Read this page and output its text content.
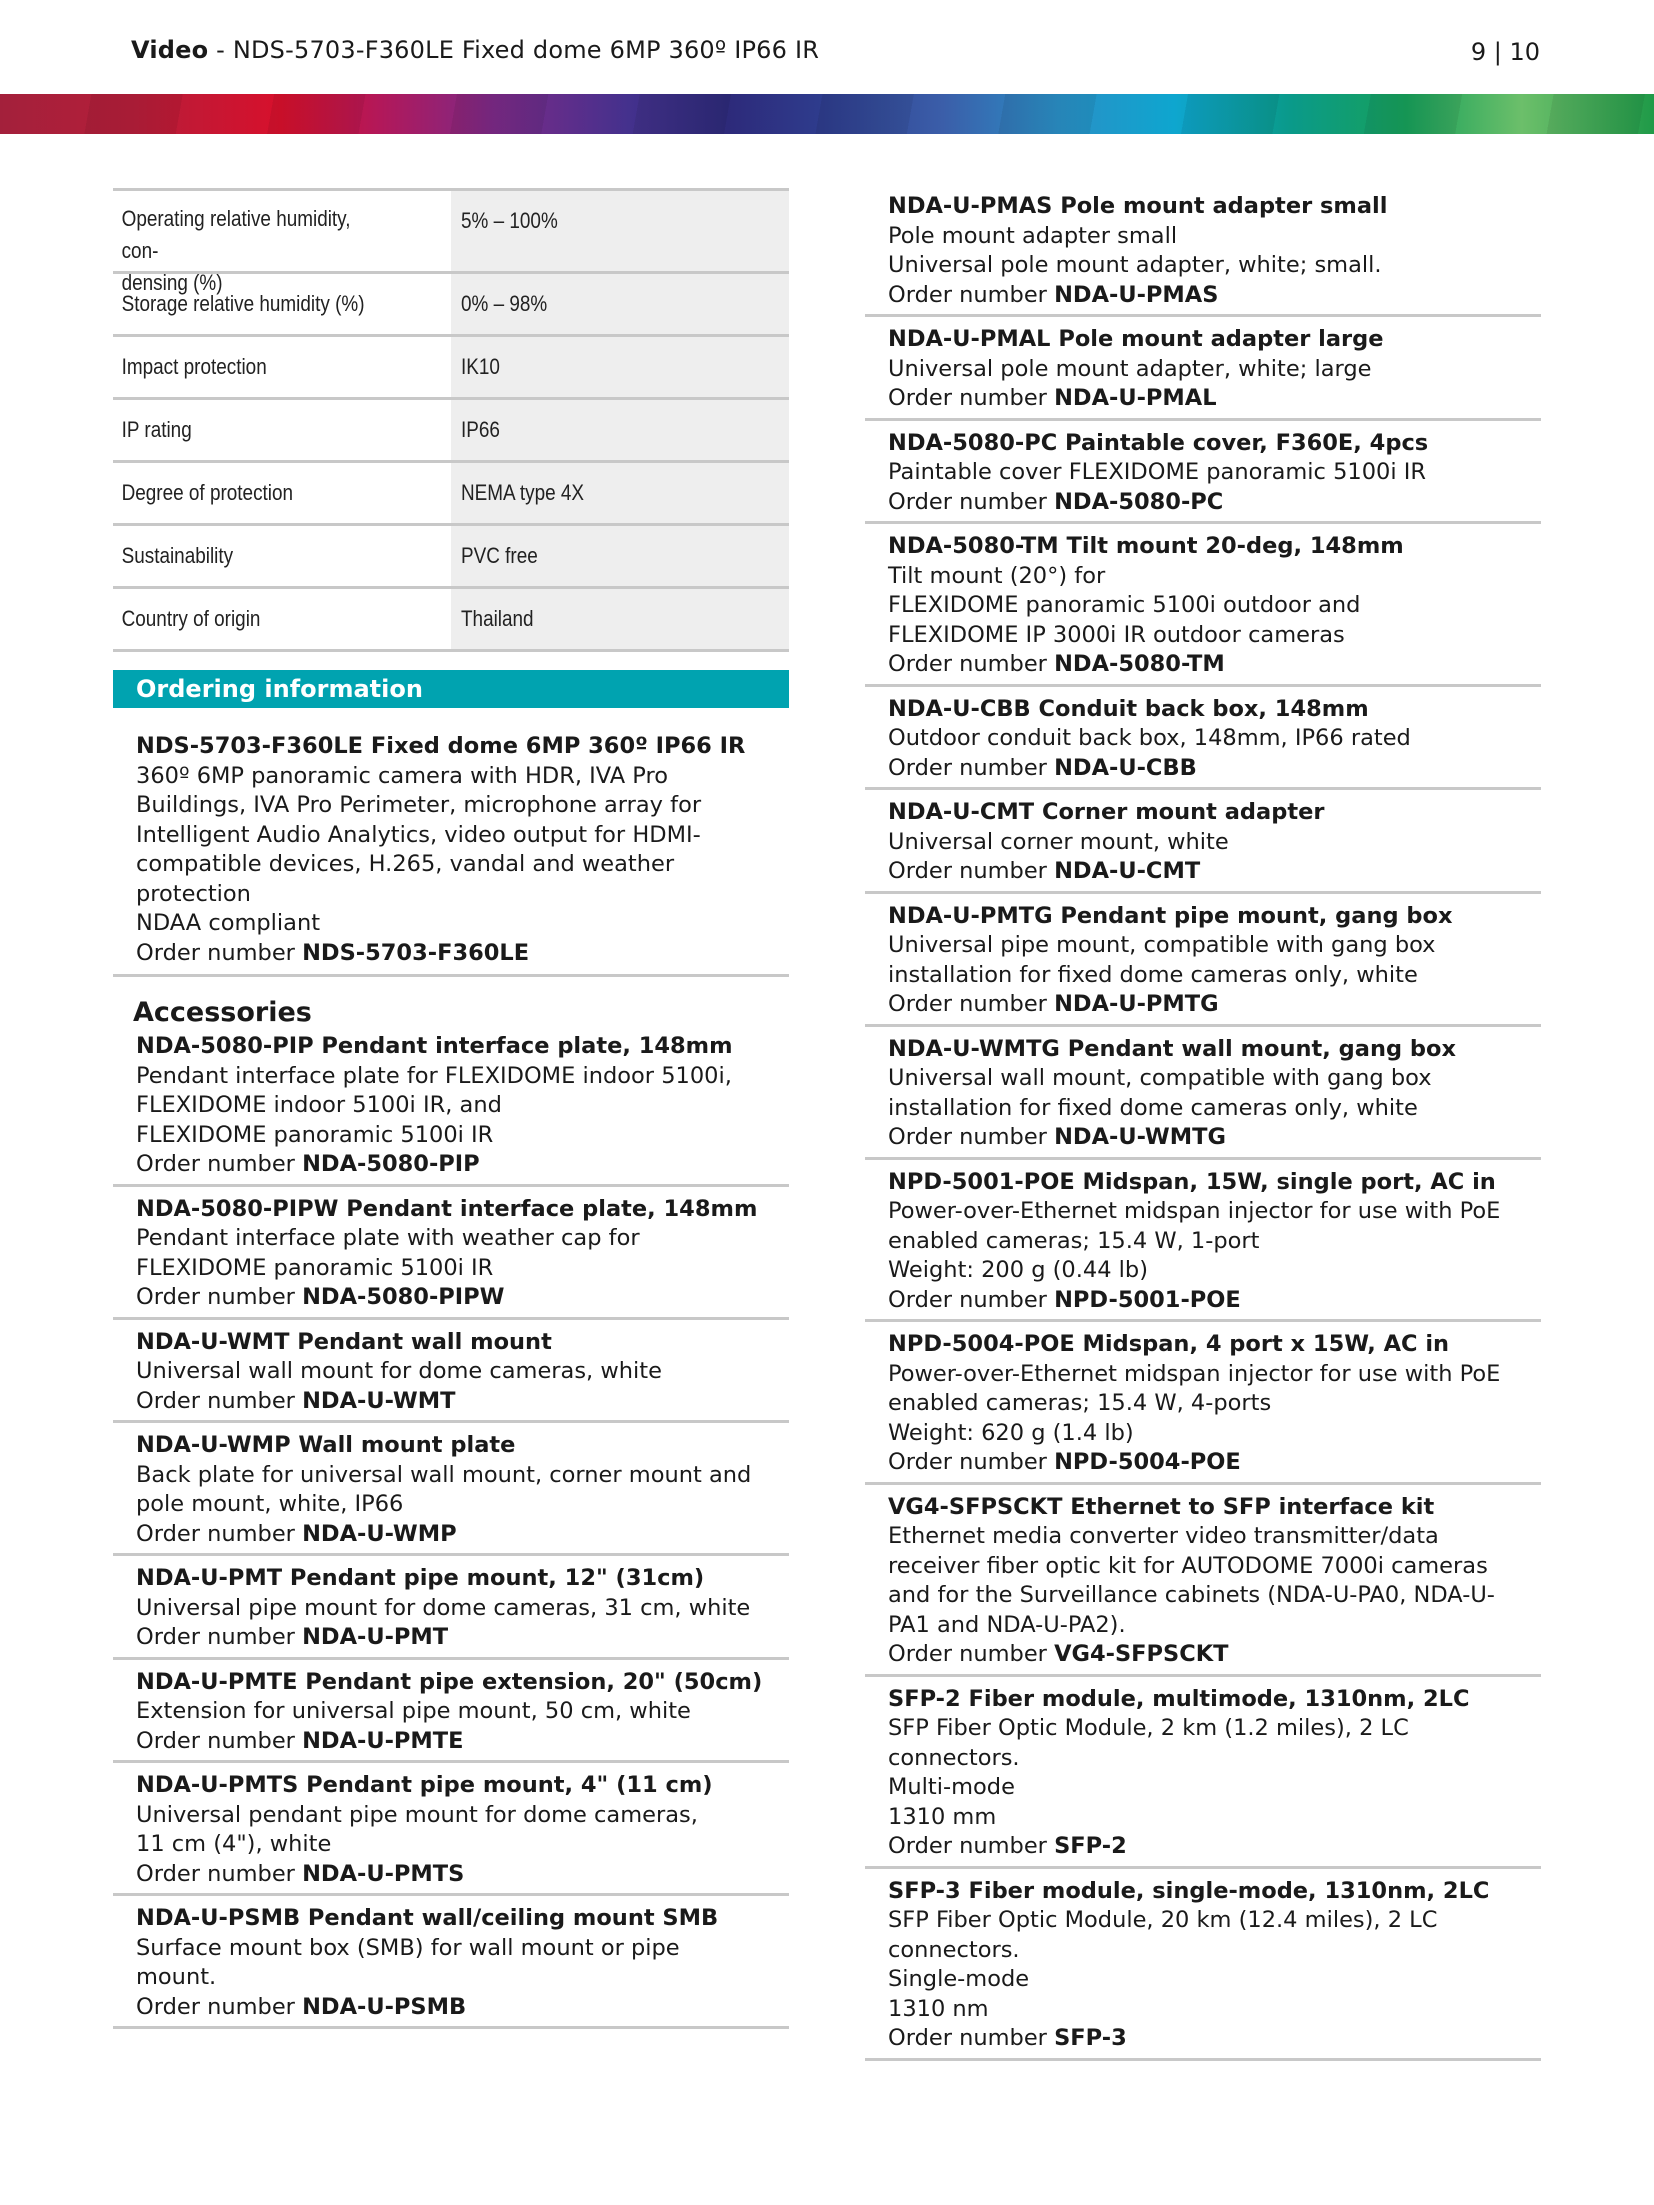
Video - NDS-5703-F360LE Fixed dome 6MP 360º IP66 IR	9 | 10
Operating relative humidity, con-
densing (%)
5% – 100%
Storage relative humidity (%)	0% – 98%
Impact protection	IK10
IP rating	IP66
Degree of protection	NEMA type 4X
Sustainability	PVC free
Country of origin	Thailand
Ordering information
NDS-5703-F360LE Fixed dome 6MP 360º IP66 IR
360º 6MP panoramic camera with HDR, IVA Pro
Buildings, IVA Pro Perimeter, microphone array for
Intelligent Audio Analytics, video output for HDMI-
compatible devices, H.265, vandal and weather
protection
NDAA compliant
Order number NDS-5703-F360LE
Accessories
NDA-5080-PIP Pendant interface plate, 148mm
Pendant interface plate for FLEXIDOME indoor 5100i,
FLEXIDOME indoor 5100i IR, and
FLEXIDOME panoramic 5100i IR
Order number NDA-5080-PIP
NDA-5080-PIPW Pendant interface plate, 148mm
Pendant interface plate with weather cap for
FLEXIDOME panoramic 5100i IR
Order number NDA-5080-PIPW
NDA-U-WMT Pendant wall mount
Universal wall mount for dome cameras, white
Order number NDA-U-WMT
NDA-U-WMP Wall mount plate
Back plate for universal wall mount, corner mount and
pole mount, white, IP66
Order number NDA-U-WMP
NDA-U-PMT Pendant pipe mount, 12" (31cm)
Universal pipe mount for dome cameras, 31 cm, white
Order number NDA-U-PMT
NDA-U-PMTE Pendant pipe extension, 20" (50cm)
Extension for universal pipe mount, 50 cm, white
Order number NDA-U-PMTE
NDA-U-PMTS Pendant pipe mount, 4" (11 cm)
Universal pendant pipe mount for dome cameras,
11 cm (4"), white
Order number NDA-U-PMTS
NDA-U-PSMB Pendant wall/ceiling mount SMB
Surface mount box (SMB) for wall mount or pipe
mount.
Order number NDA-U-PSMB
NDA-U-PMAS Pole mount adapter small
Pole mount adapter small
Universal pole mount adapter, white; small.
Order number NDA-U-PMAS
NDA-U-PMAL Pole mount adapter large
Universal pole mount adapter, white; large
Order number NDA-U-PMAL
NDA-5080-PC Paintable cover, F360E, 4pcs
Paintable cover FLEXIDOME panoramic 5100i IR
Order number NDA-5080-PC
NDA-5080-TM Tilt mount 20-deg, 148mm
Tilt mount (20°) for
FLEXIDOME panoramic 5100i outdoor and
FLEXIDOME IP 3000i IR outdoor cameras
Order number NDA-5080-TM
NDA-U-CBB Conduit back box, 148mm
Outdoor conduit back box, 148mm, IP66 rated
Order number NDA-U-CBB
NDA-U-CMT Corner mount adapter
Universal corner mount, white
Order number NDA-U-CMT
NDA-U-PMTG Pendant pipe mount, gang box
Universal pipe mount, compatible with gang box
installation for fixed dome cameras only, white
Order number NDA-U-PMTG
NDA-U-WMTG Pendant wall mount, gang box
Universal wall mount, compatible with gang box
installation for fixed dome cameras only, white
Order number NDA-U-WMTG
NPD-5001-POE Midspan, 15W, single port, AC in
Power-over-Ethernet midspan injector for use with PoE
enabled cameras; 15.4 W, 1-port
Weight: 200 g (0.44 lb)
Order number NPD-5001-POE
NPD-5004-POE Midspan, 4 port x 15W, AC in
Power-over-Ethernet midspan injector for use with PoE
enabled cameras; 15.4 W, 4-ports
Weight: 620 g (1.4 lb)
Order number NPD-5004-POE
VG4-SFPSCKT Ethernet to SFP interface kit
Ethernet media converter video transmitter/data
receiver fiber optic kit for AUTODOME 7000i cameras
and for the Surveillance cabinets (NDA-U-PA0, NDA-U-
PA1 and NDA-U-PA2).
Order number VG4-SFPSCKT
SFP-2 Fiber module, multimode, 1310nm, 2LC
SFP Fiber Optic Module, 2 km (1.2 miles), 2 LC
connectors.
Multi-mode
1310 mm
Order number SFP-2
SFP-3 Fiber module, single-mode, 1310nm, 2LC
SFP Fiber Optic Module, 20 km (12.4 miles), 2 LC
connectors.
Single-mode
1310 nm
Order number SFP-3
